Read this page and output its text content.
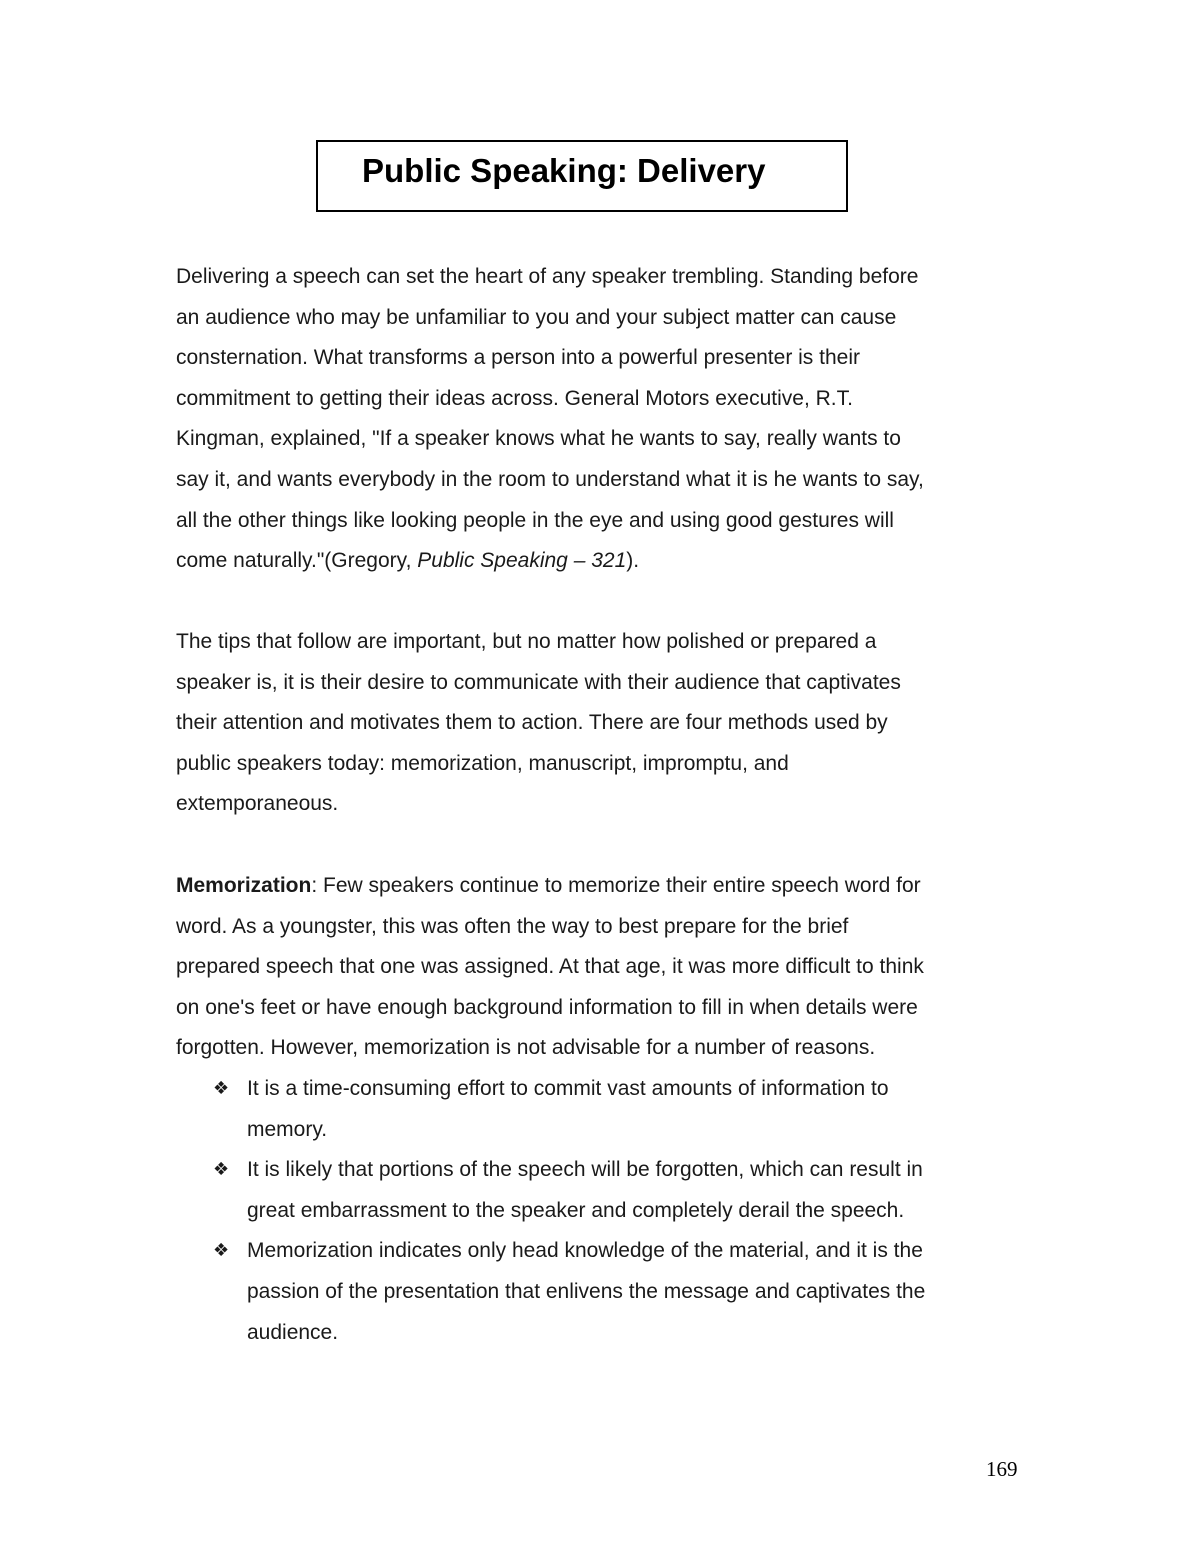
Public Speaking: Delivery

Delivering a speech can set the heart of any speaker trembling. Standing before
an audience who may be unfamiliar to you and your subject matter can cause
consternation. What transforms a person into a powerful presenter is their
commitment to getting their ideas across. General Motors executive, R.T.
Kingman, explained, "If a speaker knows what he wants to say, really wants to
say it, and wants everybody in the room to understand what it is he wants to say,
all the other things like looking people in the eye and using good gestures will
come naturally."(Gregory, Public Speaking – 321).

The tips that follow are important, but no matter how polished or prepared a
speaker is, it is their desire to communicate with their audience that captivates
their attention and motivates them to action. There are four methods used by
public speakers today: memorization, manuscript, impromptu, and
extemporaneous.

Memorization: Few speakers continue to memorize their entire speech word for
word. As a youngster, this was often the way to best prepare for the brief
prepared speech that one was assigned. At that age, it was more difficult to think
on one's feet or have enough background information to fill in when details were
forgotten. However, memorization is not advisable for a number of reasons.

❖ It is a time-consuming effort to commit vast amounts of information to
memory.
❖ It is likely that portions of the speech will be forgotten, which can result in
great embarrassment to the speaker and completely derail the speech.
❖ Memorization indicates only head knowledge of the material, and it is the
passion of the presentation that enlivens the message and captivates the
audience.
169
